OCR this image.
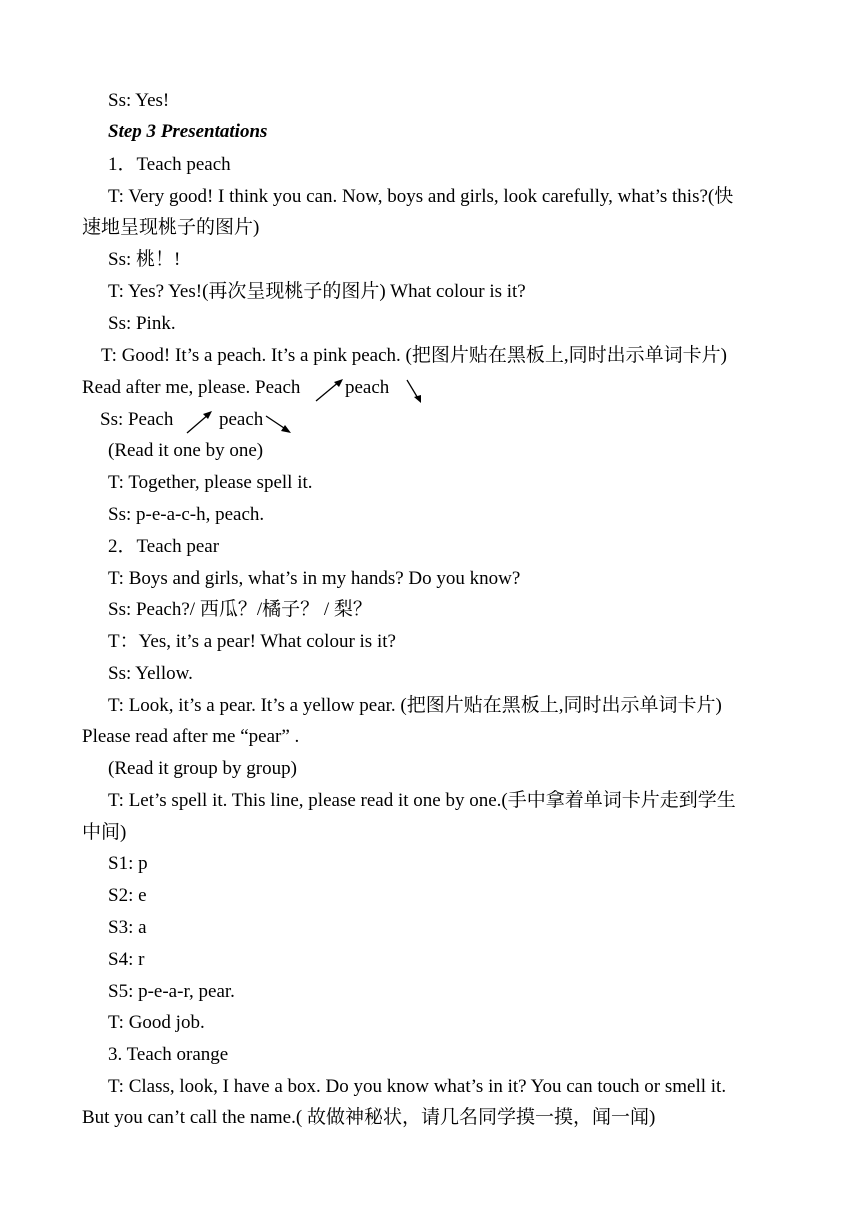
Ss: Yes!
Step 3 Presentations
1．Teach peach
T: Very good! I think you can. Now, boys and girls, look carefully, what’s this?(快
速地呈现桃子的图片)
Ss: 桃！!
T: Yes? Yes!(再次呈现桃子的图片) What colour is it?
Ss: Pink.
T: Good! It’s a peach. It’s a pink peach. (把图片贴在黑板上,同时出示单词卡片)
Read after me, please. Peach peach
Ss: Peach peach
(Read it one by one)
T: Together, please spell it.
Ss: p-e-a-c-h, peach.
2．Teach pear
T: Boys and girls, what’s in my hands? Do you know?
Ss: Peach?/ 西瓜？/橘子？ / 梨？
T：Yes, it’s a pear! What colour is it?
Ss: Yellow.
T: Look, it’s a pear. It’s a yellow pear. (把图片贴在黑板上,同时出示单词卡片)
Please read after me “pear” .
(Read it group by group)
T: Let’s spell it. This line, please read it one by one.(手中拿着单词卡片走到学生
中间)
S1: p
S2: e
S3: a
S4: r
S5: p-e-a-r, pear.
T: Good job.
3. Teach orange
T: Class, look, I have a box. Do you know what’s in it? You can touch or smell it.
But you can’t call the name.( 故做神秘状，请几名同学摸一摸，闻一闻)
